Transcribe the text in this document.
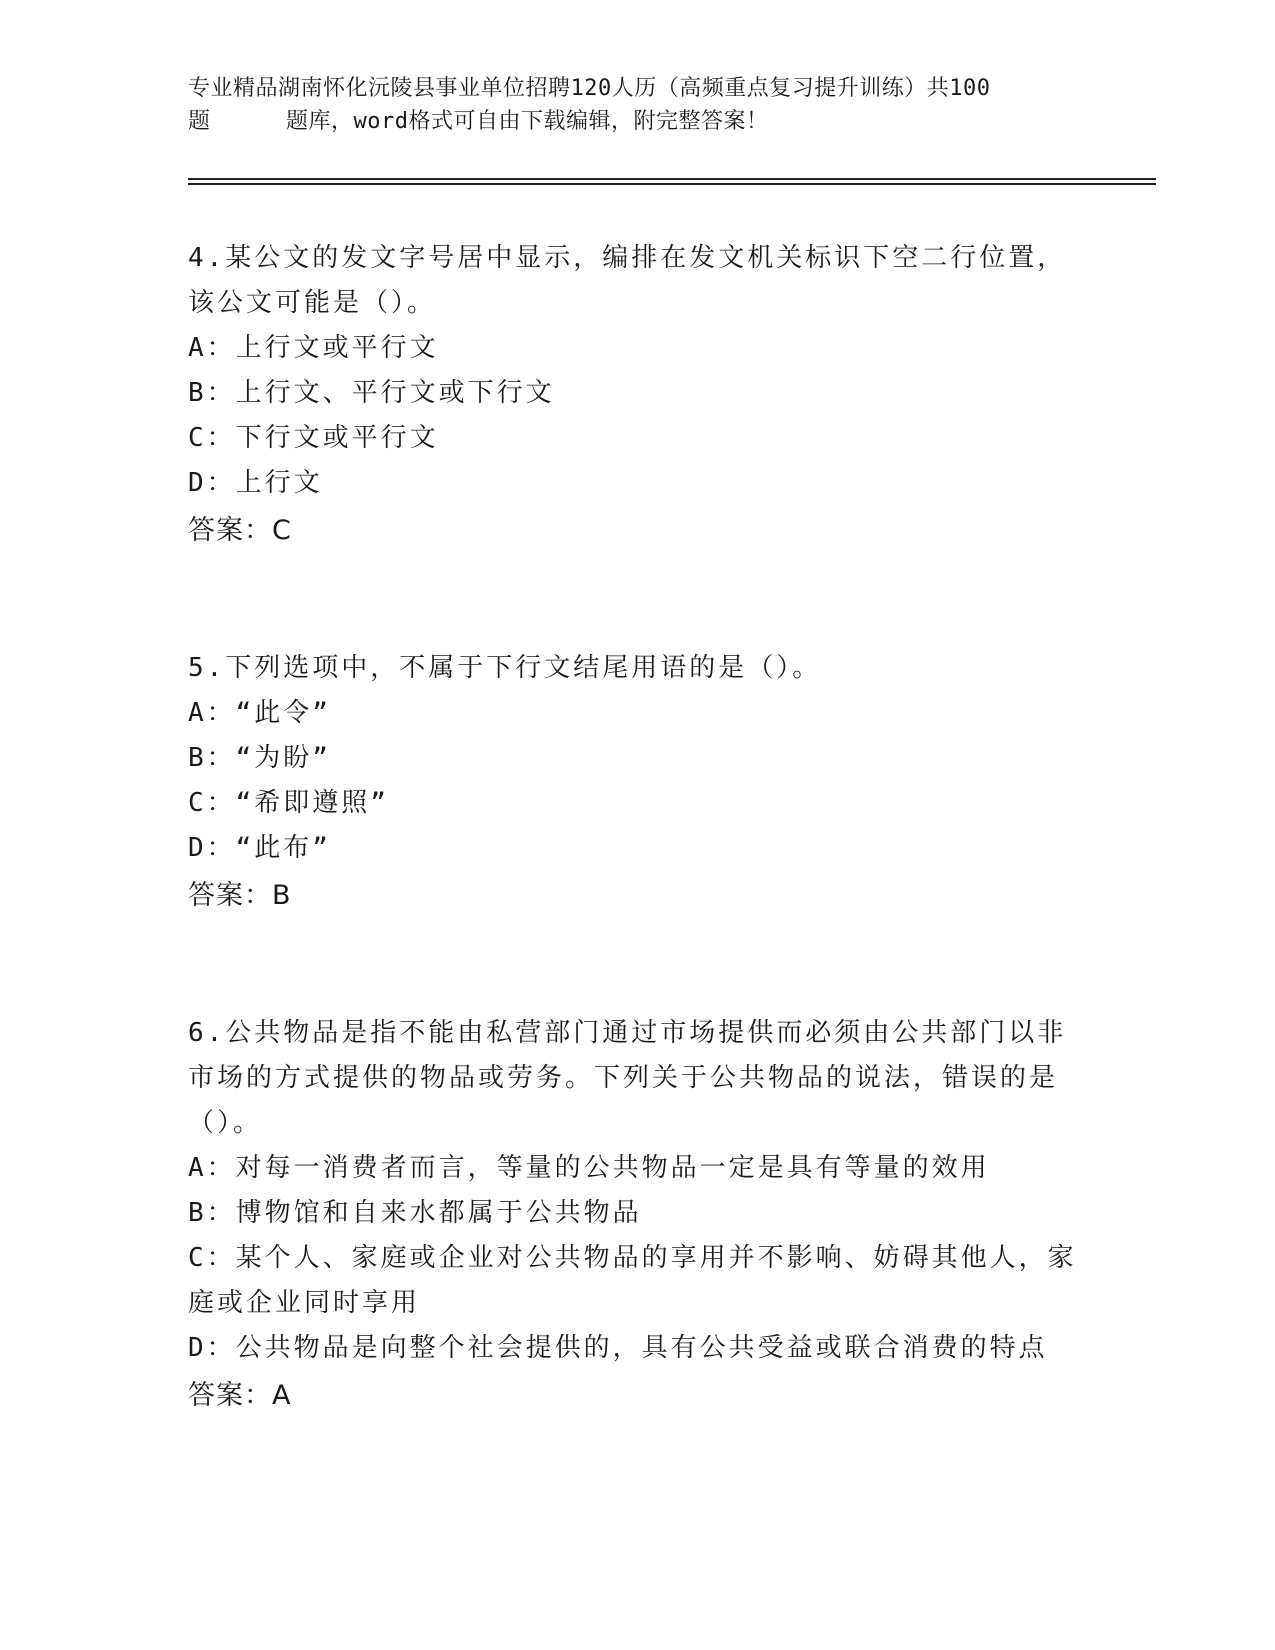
专业精品湖南怀化沅陵县事业单位招聘120人历（高频重点复习提升训练）共100
题	题库，word格式可自由下载编辑，附完整答案！
4.某公文的发文字号居中显示，编排在发文机关标识下空二行位置，该公文可能是（）。
A：上行文或平行文
B：上行文、平行文或下行文
C：下行文或平行文
D：上行文
答案：C
5.下列选项中，不属于下行文结尾用语的是（）。
A：“此令”
B：“为盼”
C：“希即遵照”
D：“此布”
答案：B
6.公共物品是指不能由私营部门通过市场提供而必须由公共部门以非市场的方式提供的物品或劳务。下列关于公共物品的说法，错误的是（）。
A：对每一消费者而言，等量的公共物品一定是具有等量的效用
B：博物馆和自来水都属于公共物品
C：某个人、家庭或企业对公共物品的享用并不影响、妨碍其他人，家庭或企业同时享用
D：公共物品是向整个社会提供的，具有公共受益或联合消费的特点
答案：A
